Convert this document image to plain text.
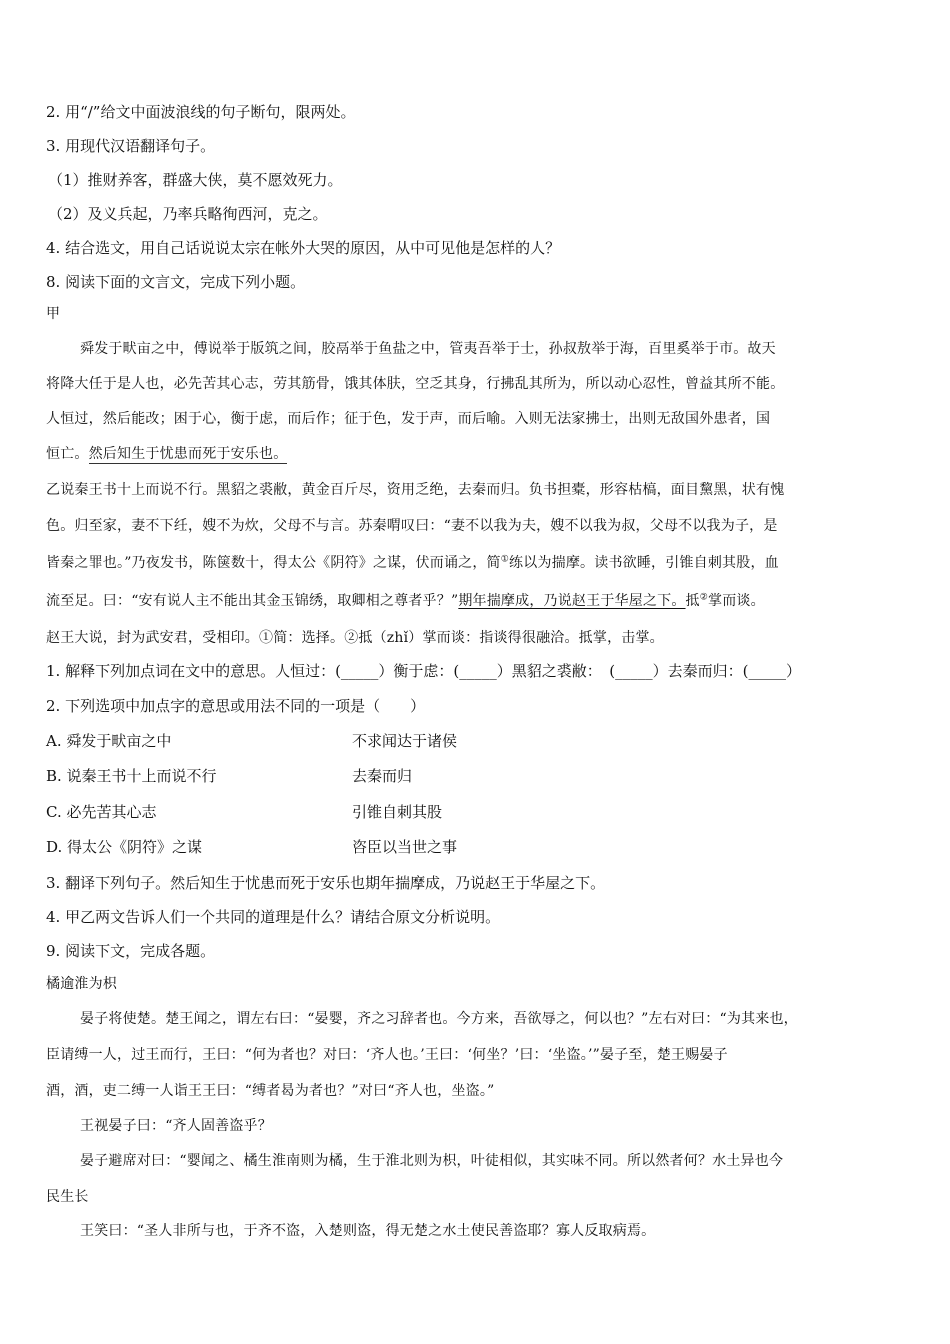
2. 用“/”给文中面波浪线的句子断句，限两处。
3. 用现代汉语翻译句子。
（1）推财养客，群盛大侠，莫不愿效死力。
（2）及义兵起，乃率兵略徇西河，克之。
4. 结合选文，用自己话说说太宗在帐外大哭的原因，从中可见他是怎样的人？
8. 阅读下面的文言文，完成下列小题。
甲
舜发于畎亩之中，傅说举于版筑之间，胶鬲举于鱼盐之中，管夷吾举于士，孙叔敖举于海，百里奚举于市。故天
将降大任于是人也，必先苦其心志，劳其筋骨，饿其体肤，空乏其身，行拂乱其所为，所以动心忍性，曾益其所不能。
人恒过，然后能改；困于心，衡于虑，而后作；征于色，发于声，而后喻。入则无法家拂士，出则无敌国外患者，国
恒亡。然后知生于忧患而死于安乐也。
乙说秦王书十上而说不行。黑貂之裘敝，黄金百斤尽，资用乏绝，去秦而归。负书担橐，形容枯槁，面目黧黑，状有愧
色。归至家，妻不下纴，嫂不为炊，父母不与言。苏秦喟叹曰：“妻不以我为夫，嫂不以我为叔，父母不以我为子，是
皆秦之罪也。”乃夜发书，陈箧数十，得太公《阴符》之谋，伏而诵之，简①练以为揣摩。读书欲睡，引锥自刺其股，血
流至足。曰：“安有说人主不能出其金玉锦绣，取卿相之尊者乎？”期年揣摩成，乃说赵王于华屋之下。抵②掌而谈。
赵王大说，封为武安君，受相印。①简：选择。②抵（zhǐ）掌而谈：指谈得很融洽。抵掌，击掌。
1. 解释下列加点词在文中的意思。人恒过：(_____）衡于虑：(_____）黑貂之裘敝：　(_____）去秦而归：(_____）
2. 下列选项中加点字的意思或用法不同的一项是（　　）
A. 舜发于畎亩之中	不求闻达于诸侯
B. 说秦王书十上而说不行	去秦而归
C. 必先苦其心志	引锥自刺其股
D. 得太公《阴符》之谋	咨臣以当世之事
3. 翻译下列句子。然后知生于忧患而死于安乐也期年揣摩成，乃说赵王于华屋之下。
4. 甲乙两文告诉人们一个共同的道理是什么？请结合原文分析说明。
9. 阅读下文，完成各题。
橘逾淮为枳
晏子将使楚。楚王闻之，谓左右曰：“晏婴，齐之习辞者也。今方来，吾欲辱之，何以也？”左右对曰：“为其来也，
臣请缚一人，过王而行，王曰：“何为者也？对曰：‘齐人也。’王曰：‘何坐？’曰：‘坐盗。’”晏子至，楚王赐晏子
酒，酒，吏二缚一人诣王王曰：“缚者曷为者也？”对曰“齐人也，坐盗。”
王视晏子曰：“齐人固善盗乎？
晏子避席对曰：“婴闻之、橘生淮南则为橘，生于淮北则为枳，叶徒相似，其实味不同。所以然者何？水土异也今
民生长
王笑曰：“圣人非所与也，于齐不盗，入楚则盗，得无楚之水土使民善盗耶？寡人反取病焉。
